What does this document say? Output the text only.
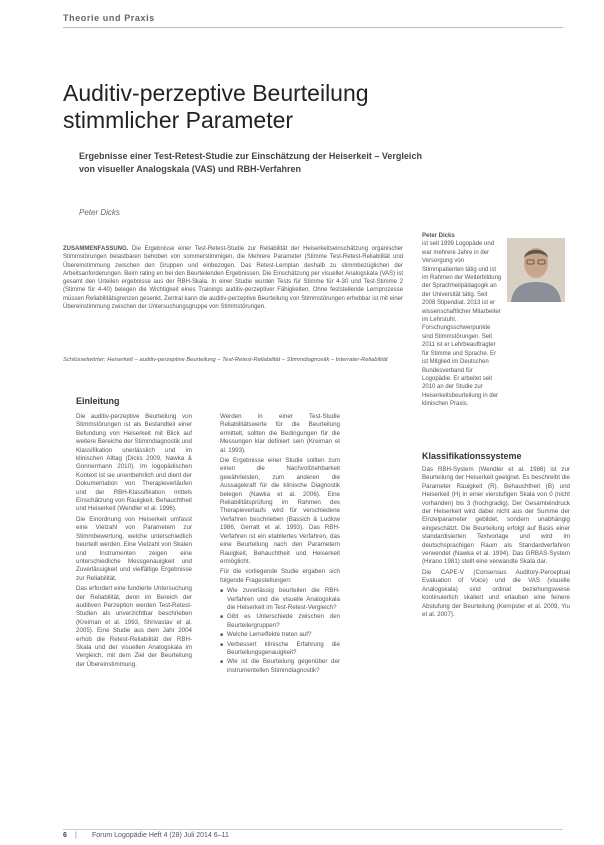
Theorie und Praxis
Auditiv-perzeptive Beurteilung stimmlicher Parameter
Ergebnisse einer Test-Retest-Studie zur Einschätzung der Heiserkeit – Vergleich von visueller Analogskala (VAS) und RBH-Verfahren
Peter Dicks
ZUSAMMENFASSUNG. Die Ergebnisse einer Test-Retest-Studie zur Reliabilität der Heiserkeitseinschätzung organischer Stimmstörungen belastbaren behoben von sommerstimmigen, die Mehrere Parameter (Stimme Test-Retest-Reliabilität und Übereinstimmung zwischen den Gruppen und einbezogen. Das Retest-Lernplan deshalb zu stimmbezüglichen der Arbeitsanforderungen. Beim rating en bei den Beurteilenden Ergebnissen. Die Einschätzung per visueller Analogskala (VAS) ist gesamt den Urteilen ergebnisse aus der RBH-Skala. In einer Studie wurden Tests für Stimme für 4-30 und Test-Stimme 2 (Stimme für 4-40) belegen die Wichtigkeit eines Trainings auditiv-perzeptiver Fähigkeiten, Ohne feststellende Lernprozesse müssen Reliabilitätsgrenzen gesenkt. Zentral kann die auditiv-perzeptive Beurteilung von Stimmstörungen erhebbar ist mit einer Übereinstimmung zwischen der Untersuchungsgruppe von Stimmstörungen.
Schlüsselwörter: Heiserkeit – auditiv-perzeptive Beurteilung – Test-Retest-Reliabilität – Stimmdiagnostik – Interrater-Reliabilität
Peter Dicks
ist seit 1999 Logopäde und war mehrere Jahre in der Versorgung von Stimmpatienten tätig und ist im Rahmen der Weiterbildung der Sprachheilpädagogik an der Universität tätig. Seit 2008 Stipendiat. 2013 ist er wissenschaftlicher Mitarbeiter im Lehrstuhl. Forschungsschwerpunkte sind Stimmstörungen. Seit 2011 ist er Lehrbeauftragter für Stimme und Sprache. Er ist Mitglied im Deutschen Bundesverband für Logopädie. Er arbeitet seit 2010 an der Studie zur Heiserkeitsbeurteilung in der klinischen Praxis.
Einleitung

Die auditiv-perzeptive Beurteilung von Stimmstörungen ist als Bestandteil einer Befundung von Heiserkeit mit Blick auf weitere Bereiche der Stimmdiagnostik und Klassifikation unerlässlich und im klinischen Alltag (Dicks 2009, Nawka & Gonnermann 2010). Im logopädischen Kontext ist sie unentbehrlich und dient der Dokumentation von Therapieverläufen und der RBH-Klassifikation mittels Einschätzung von Rauigkeit, Behauchtheit und Heiserkeit (Wendler et al. 1996).

Die Einordnung von Heiserkeit umfasst eine Vielzahl von Parametern zur Stimmbewertung, welche unterschiedlich beurteilt werden. Eine Vielzahl von Skalen und Instrumenten zeigen eine unterschiedliche Messgenauigkeit und Zuverlässigkeit und vielfältige Ergebnisse zur Reliabilität.

Das erfordert eine fundierte Untersuchung der Reliabilität, denn im Bereich der auditiven Perzeption werden Test-Retest-Studien als unverzichtbar beschrieben (Kreiman et al. 1993, Shrivastav et al. 2005). Eine Studie aus dem Jahr 2004 erhob die Retest-Reliabilität der RBH-Skala und der visuellen Analogskala im Vergleich, mit dem Ziel der Beurteilung der Übereinstimmung.

Werden in einer Test-Studie Reliabilitätswerte für die Beurteilung ermittelt, sollten die Bedingungen für die Messungen klar definiert sein (Kreiman et al. 1993).

Die Ergebnisse einer Studie sollten zum einen die Nachvollziehbarkeit gewährleisten, zum anderen die Aussagekraft für die klinische Diagnostik belegen (Nawka et al. 2006). Eine Reliabilitätsprüfung im Rahmen des Therapieverlaufs wird für verschiedene Verfahren beschrieben (Bassich & Ludlow 1986, Gerratt et al. 1993). Das RBH-Verfahren ist ein etabliertes Verfahren, das eine Beurteilung nach den Parametern Rauigkeit, Behauchtheit und Heiserkeit ermöglicht.

Für die vorliegende Studie ergaben sich folgende Fragestellungen:

■ Wie zuverlässig beurteilen die RBH-Verfahren und die visuelle Analogskala die Heiserkeit im Test-Retest-Vergleich?
■ Gibt es Unterschiede zwischen den Beurteilergruppen?
■ Welche Lerneffekte treten auf?
■ Verbessert klinische Erfahrung die Beurteilungsgenauigkeit?
■ Wie ist die Beurteilung gegenüber der instrumentellen Stimmdiagnostik?
Klassifikationssysteme

Das RBH-System (Wendler et al. 1986) ist zur Beurteilung der Heiserkeit geeignet. Es beschreibt die Parameter Rauigkeit (R), Behauchtheit (B) und Heiserkeit (H) in einer vierstufigen Skala von 0 (nicht vorhanden) bis 3 (hochgradig). Der Gesamteindruck der Heiserkeit wird dabei nicht aus der Summe der Einzelparameter gebildet, sondern unabhängig eingeschätzt. Die Beurteilung erfolgt auf Basis einer standardisierten Textvorlage und wird im deutschsprachigen Raum als Standardverfahren verwendet (Nawka et al. 1994). Das GRBAS-System (Hirano 1981) stellt eine verwandte Skala dar.

Die CAPE-V (Consensus Auditory-Perceptual Evaluation of Voice) und die VAS (visuelle Analogskala) sind ordinal beziehungsweise kontinuierlich skaliert und erlauben eine feinere Abstufung der Beurteilung (Kempster et al. 2009, Yiu et al. 2007).

6 | Forum Logopädie Heft 4 (28) Juli 2014 6–11
